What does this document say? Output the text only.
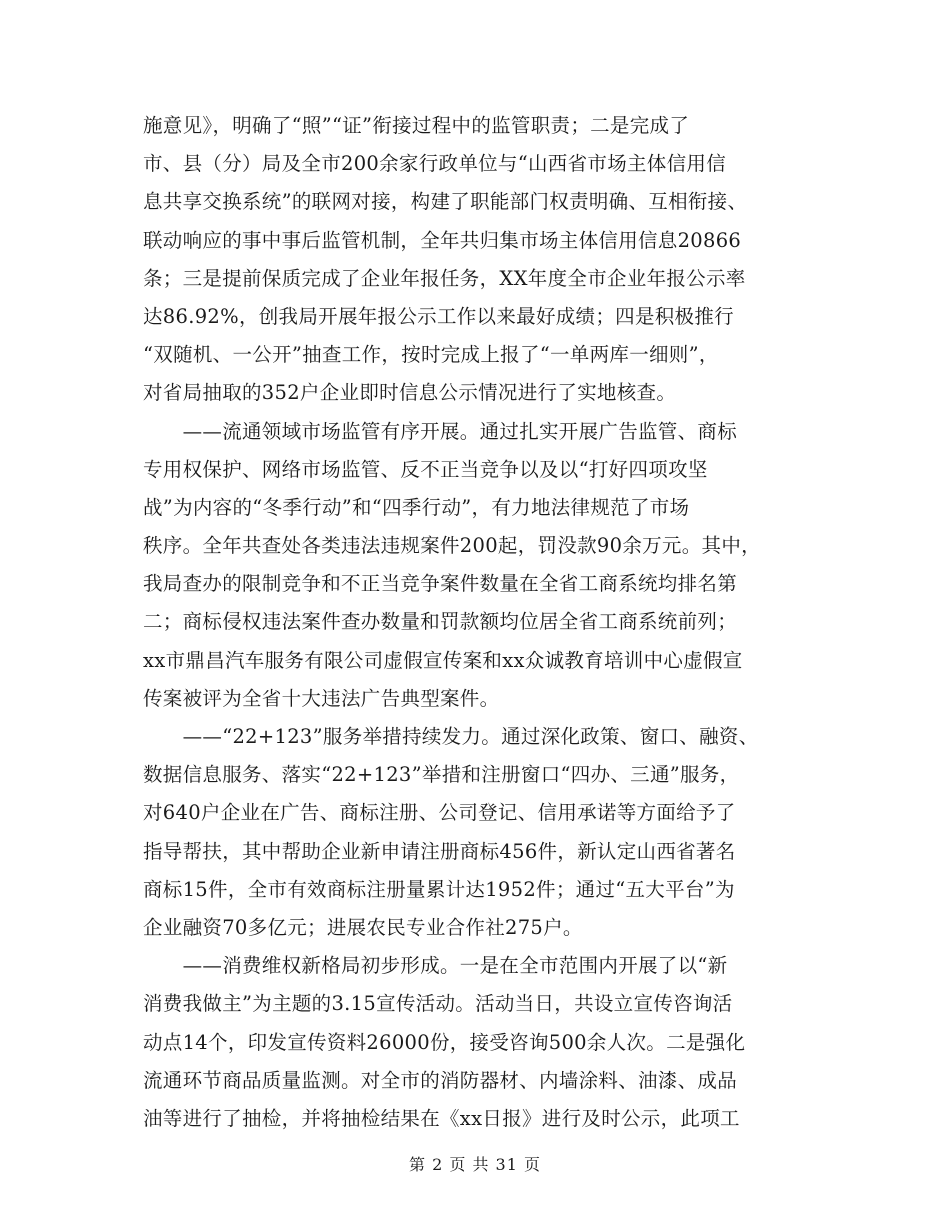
施意见》，明确了“照”“证”衔接过程中的监管职责；二是完成了
市、县（分）局及全市200余家行政单位与“山西省市场主体信用信
息共享交换系统”的联网对接，构建了职能部门权责明确、互相衔接、
联动响应的事中事后监管机制，全年共归集市场主体信用信息20866
条；三是提前保质完成了企业年报任务，XX年度全市企业年报公示率
达86.92%，创我局开展年报公示工作以来最好成绩；四是积极推行
“双随机、一公开”抽查工作，按时完成上报了“一单两库一细则”，
对省局抽取的352户企业即时信息公示情况进行了实地核查。
　　——流通领域市场监管有序开展。通过扎实开展广告监管、商标
专用权保护、网络市场监管、反不正当竞争以及以“打好四项攻坚
战”为内容的“冬季行动”和“四季行动”，有力地法律规范了市场
秩序。全年共查处各类违法违规案件200起，罚没款90余万元。其中，
我局查办的限制竞争和不正当竞争案件数量在全省工商系统均排名第
二；商标侵权违法案件查办数量和罚款额均位居全省工商系统前列；
xx市鼎昌汽车服务有限公司虚假宣传案和xx众诚教育培训中心虚假宣
传案被评为全省十大违法广告典型案件。
　　——“22+123”服务举措持续发力。通过深化政策、窗口、融资、
数据信息服务、落实“22+123”举措和注册窗口“四办、三通”服务，
对640户企业在广告、商标注册、公司登记、信用承诺等方面给予了
指导帮扶，其中帮助企业新申请注册商标456件，新认定山西省著名
商标15件，全市有效商标注册量累计达1952件；通过“五大平台”为
企业融资70多亿元；进展农民专业合作社275户。
　　——消费维权新格局初步形成。一是在全市范围内开展了以“新
消费我做主”为主题的3.15宣传活动。活动当日，共设立宣传咨询活
动点14个，印发宣传资料26000份，接受咨询500余人次。二是强化
流通环节商品质量监测。对全市的消防器材、内墙涂料、油漆、成品
油等进行了抽检，并将抽检结果在《xx日报》进行及时公示，此项工
第 2 页 共 31 页
